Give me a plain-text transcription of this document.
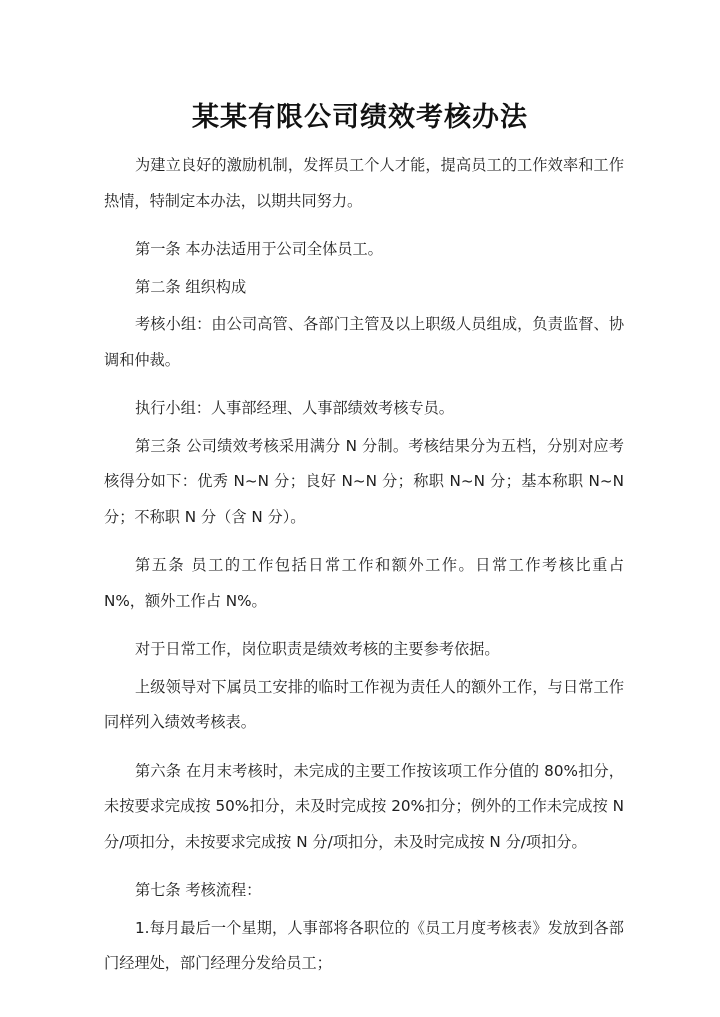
某某有限公司绩效考核办法

为建立良好的激励机制，发挥员工个人才能，提高员工的工作效率和工作热情，特制定本办法，以期共同努力。

第一条 本办法适用于公司全体员工。

第二条 组织构成

考核小组：由公司高管、各部门主管及以上职级人员组成，负责监督、协调和仲裁。

执行小组：人事部经理、人事部绩效考核专员。

第三条 公司绩效考核采用满分 N 分制。考核结果分为五档，分别对应考核得分如下：优秀 N~N 分；良好 N~N 分；称职 N~N 分；基本称职 N~N 分；不称职 N 分（含 N 分）。

第五条 员工的工作包括日常工作和额外工作。日常工作考核比重占 N%，额外工作占 N%。

对于日常工作，岗位职责是绩效考核的主要参考依据。

上级领导对下属员工安排的临时工作视为责任人的额外工作，与日常工作同样列入绩效考核表。

第六条 在月末考核时，未完成的主要工作按该项工作分值的 80%扣分，未按要求完成按 50%扣分，未及时完成按 20%扣分；例外的工作未完成按 N 分/项扣分，未按要求完成按 N 分/项扣分，未及时完成按 N 分/项扣分。

第七条 考核流程：

1.每月最后一个星期，人事部将各职位的《员工月度考核表》发放到各部门经理处，部门经理分发给员工；
